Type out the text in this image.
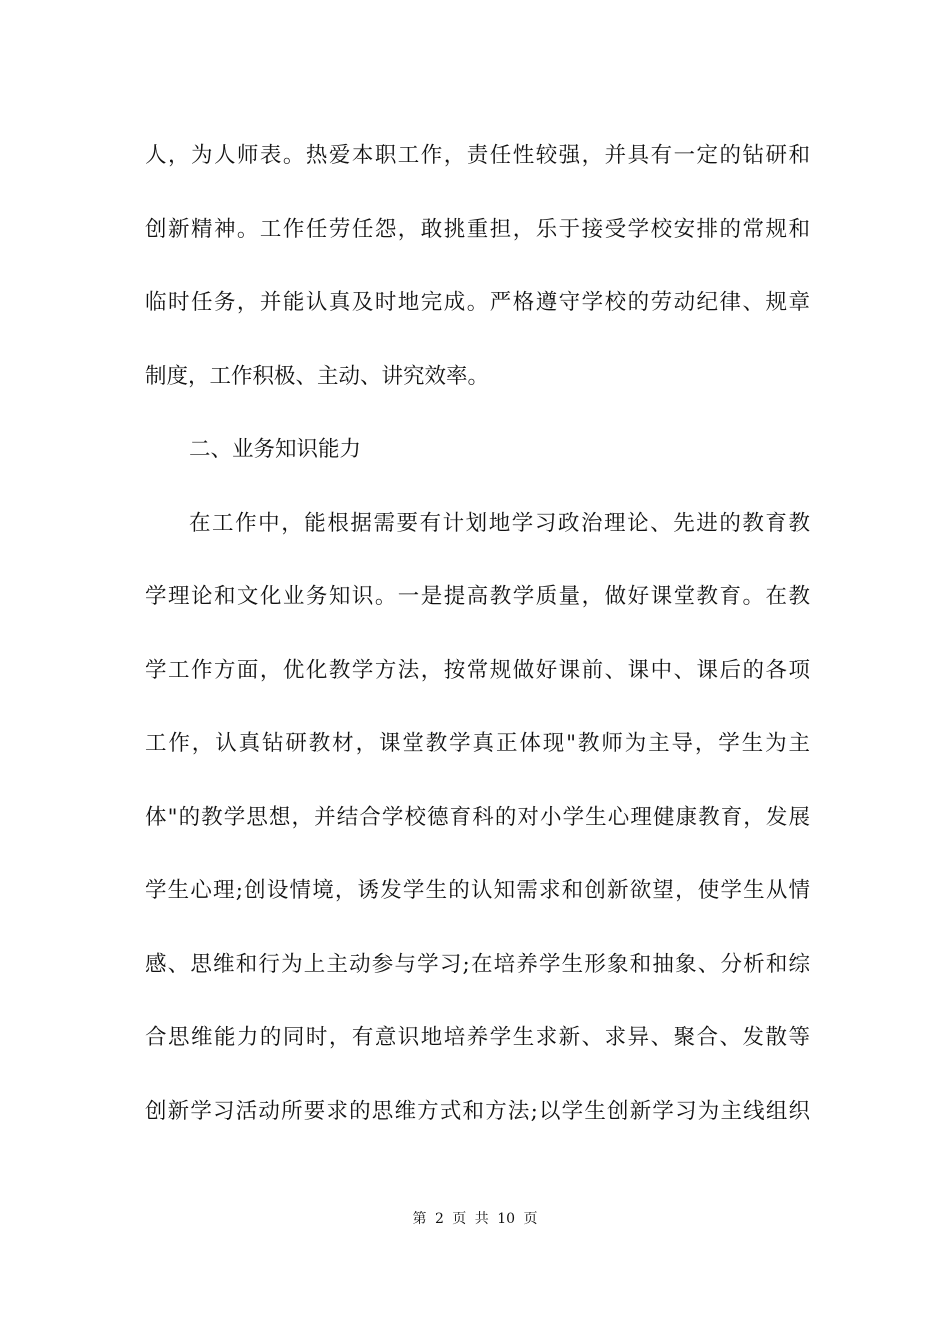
人，为人师表。热爱本职工作，责任性较强，并具有一定的钻研和
创新精神。工作任劳任怨，敢挑重担，乐于接受学校安排的常规和
临时任务，并能认真及时地完成。严格遵守学校的劳动纪律、规章
制度，工作积极、主动、讲究效率。
二、业务知识能力
在工作中，能根据需要有计划地学习政治理论、先进的教育教
学理论和文化业务知识。一是提高教学质量，做好课堂教育。在教
学工作方面，优化教学方法，按常规做好课前、课中、课后的各项
工作，认真钻研教材，课堂教学真正体现"教师为主导，学生为主
体"的教学思想，并结合学校德育科的对小学生心理健康教育，发展
学生心理;创设情境，诱发学生的认知需求和创新欲望，使学生从情
感、思维和行为上主动参与学习;在培养学生形象和抽象、分析和综
合思维能力的同时，有意识地培养学生求新、求异、聚合、发散等
创新学习活动所要求的思维方式和方法;以学生创新学习为主线组织
第 2 页 共 10 页
